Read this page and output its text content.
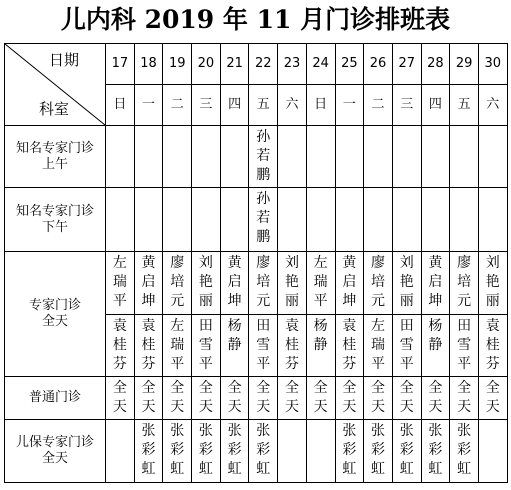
儿内科 2019 年 11 月门诊排班表
日期
科室	17	18	19	20	21	22	23	24	25	26	27	28	29	30
	日	一	二	三	四	五	六	日	一	二	三	四	五	六
知名专家门诊
上午						孙若鹏								
知名专家门诊
下午						孙若鹏								
专家门诊
全天	左瑞平	黄启坤	廖培元	刘艳丽	黄启坤	廖培元	刘艳丽	左瑞平	黄启坤	廖培元	刘艳丽	黄启坤	廖培元	刘艳丽
	袁桂芬	袁桂芬	左瑞平	田雪平	杨静	田雪平	袁桂芬	杨静	袁桂芬	左瑞平	田雪平	杨静	田雪平	袁桂芬
普通门诊	全天	全天	全天	全天	全天	全天	全天	全天	全天	全天	全天	全天	全天	全天
儿保专家门诊
全天		张彩虹	张彩虹	张彩虹	张彩虹	张彩虹			张彩虹	张彩虹	张彩虹	张彩虹	张彩虹	
